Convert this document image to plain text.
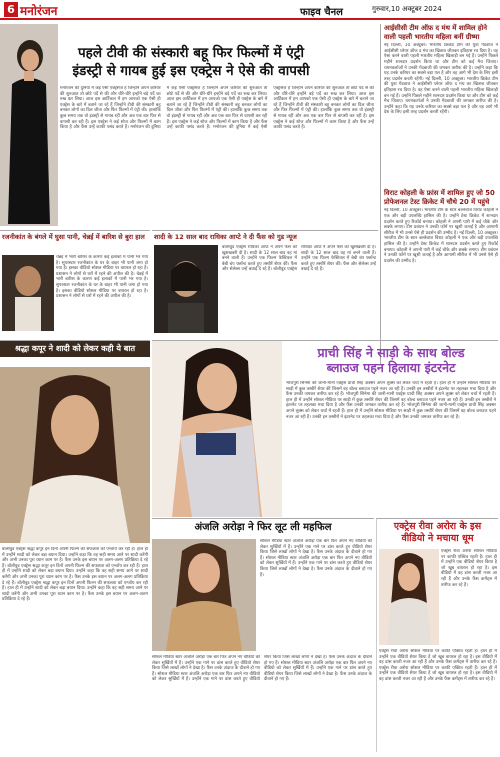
6 मनोरंजन	फाइव चैनल	गुरुवार,10 अक्टूबर 2024
पहले टीवी की संस्कारी बहू फिर फिल्मों में एंट्री
इंडस्ट्री से गायब हुई इस एक्ट्रेस ने ऐसे की वापसी
मनोरंजन की दुनिया में कई ऐसी एक्ट्रेसेज हैं जिन्होंने अपने करियर की शुरुआत तो छोटे पर्दे से की और धीरे-धीरे इन्होंने बड़े पर्दे का रुख कर लिया। आज इस आर्टिकल में हम आपको एक ऐसी ही एक्ट्रेस के बारे में बताने जा रहे हैं जिन्होंने टीवी की संस्कारी बहू बनकर लोगों का दिल जीता और फिर फिल्मों में एंट्री की। हालांकि कुछ समय तक वो इंडस्ट्री से गायब रहीं और अब एक बार फिर से वापसी कर रही हैं। इस एक्ट्रेस ने कई शोज और फिल्मों में काम किया है और फैंस उन्हें काफी पसंद करते हैं। मनोरंजन की दुनिया में कई ऐसी एक्ट्रेसेज हैं जिन्होंने अपने करियर की शुरुआत तो छोटे पर्दे से की और धीरे-धीरे इन्होंने बड़े पर्दे का रुख कर लिया। आज इस आर्टिकल में हम आपको एक ऐसी ही एक्ट्रेस के बारे में बताने जा रहे हैं जिन्होंने टीवी की संस्कारी बहू बनकर लोगों का दिल जीता और फिर फिल्मों में एंट्री की। हालांकि कुछ समय तक वो इंडस्ट्री से गायब रहीं और अब एक बार फिर से वापसी कर रही हैं। इस एक्ट्रेस ने कई शोज और फिल्मों में काम किया है और फैंस उन्हें काफी पसंद करते हैं। मनोरंजन की दुनिया में कई ऐसी एक्ट्रेसेज हैं जिन्होंने अपने करियर की शुरुआत तो छोटे पर्दे से की और धीरे-धीरे इन्होंने बड़े पर्दे का रुख कर लिया। आज इस आर्टिकल में हम आपको एक ऐसी ही एक्ट्रेस के बारे में बताने जा रहे हैं जिन्होंने टीवी की संस्कारी बहू बनकर लोगों का दिल जीता और फिर फिल्मों में एंट्री की। हालांकि कुछ समय तक वो इंडस्ट्री से गायब रहीं और अब एक बार फिर से वापसी कर रही हैं। इस एक्ट्रेस ने कई शोज और फिल्मों में काम किया है और फैंस उन्हें काफी पसंद करते हैं।
आईसीसी टीम ऑफ़ द मंथ में शामिल होने वाली पहली भारतीय महिला बनीं ग्रीष्मा
नई दिल्ली, 10 अक्टूबर। भारतीय क्रिकेट टीम की युवा गेंदबाज ने आईसीसी प्लेयर ऑफ द मंथ का खिताब जीतकर इतिहास रच दिया है। वह ऐसा करने वाली पहली भारतीय महिला खिलाड़ी बन गई हैं। उन्होंने पिछले महीने शानदार प्रदर्शन किया था और टीम को कई मैच जिताए। चयनकर्ताओं ने उनकी गेंदबाजी की जमकर तारीफ की है। उन्होंने कहा कि यह उनके करियर का सबसे बड़ा पल है और वह आगे भी देश के लिए इसी तरह प्रदर्शन करती रहेंगी। नई दिल्ली, 10 अक्टूबर। भारतीय क्रिकेट टीम की युवा गेंदबाज ने आईसीसी प्लेयर ऑफ द मंथ का खिताब जीतकर इतिहास रच दिया है। वह ऐसा करने वाली पहली भारतीय महिला खिलाड़ी बन गई हैं। उन्होंने पिछले महीने शानदार प्रदर्शन किया था और टीम को कई मैच जिताए। चयनकर्ताओं ने उनकी गेंदबाजी की जमकर तारीफ की है। उन्होंने कहा कि यह उनके करियर का सबसे बड़ा पल है और वह आगे भी देश के लिए इसी तरह प्रदर्शन करती रहेंगी।
विराट कोहली के फ्रांस में शामिल हुए जो 50 प्रोफेशनल टेस्ट क्रिकेट में चौथे 20 में पहुंचे
नई दिल्ली, 10 अक्टूबर। भारतीय टीम के स्टार बल्लेबाज विराट कोहली ने एक और बड़ी उपलब्धि हासिल की है। उन्होंने टेस्ट क्रिकेट में शानदार प्रदर्शन करते हुए रिकॉर्ड बनाया। कोहली ने अपनी पारी में कई चौके और छक्के लगाए। टीम प्रबंधन ने उनकी फॉर्म पर खुशी जताई है और आगामी सीरीज में भी उनसे ऐसे ही प्रदर्शन की उम्मीद है। नई दिल्ली, 10 अक्टूबर। भारतीय टीम के स्टार बल्लेबाज विराट कोहली ने एक और बड़ी उपलब्धि हासिल की है। उन्होंने टेस्ट क्रिकेट में शानदार प्रदर्शन करते हुए रिकॉर्ड बनाया। कोहली ने अपनी पारी में कई चौके और छक्के लगाए। टीम प्रबंधन ने उनकी फॉर्म पर खुशी जताई है और आगामी सीरीज में भी उनसे ऐसे ही प्रदर्शन की उम्मीद है।
रजनीकांत के बंगले में घुसा पानी, चेन्नई में बारिश से बुरा हाल
चेन्नई में भारी बारिश के कारण कई इलाकों में पानी भर गया है। सुपरस्टार रजनीकांत के घर के बाहर भी पानी जमा हो गया है। इसका वीडियो सोशल मीडिया पर वायरल हो रहा है। प्रशासन ने लोगों से घरों में रहने की अपील की है। चेन्नई में भारी बारिश के कारण कई इलाकों में पानी भर गया है। सुपरस्टार रजनीकांत के घर के बाहर भी पानी जमा हो गया है। इसका वीडियो सोशल मीडिया पर वायरल हो रहा है। प्रशासन ने लोगों से घरों में रहने की अपील की है।
शादी के 12 साल बाद राधिका आप्टे ने दी फैंस को गुड न्यूज
बॉलीवुड एक्ट्रेस राधिका आप्टे ने अपने फैंस को खुशखबरी दी है। शादी के 12 साल बाद वह मां बनने वाली हैं। उन्होंने एक फिल्म फेस्टिवल में बेबी बंप फ्लॉन्ट करते हुए तस्वीरें शेयर कीं। फैंस और सेलेब्स उन्हें बधाई दे रहे हैं। बॉलीवुड एक्ट्रेस राधिका आप्टे ने अपने फैंस को खुशखबरी दी है। शादी के 12 साल बाद वह मां बनने वाली हैं। उन्होंने एक फिल्म फेस्टिवल में बेबी बंप फ्लॉन्ट करते हुए तस्वीरें शेयर कीं। फैंस और सेलेब्स उन्हें बधाई दे रहे हैं।
श्रद्धा कपूर ने शादी को लेकर कही ये बात
बॉलीवुड एक्ट्रेस श्रद्धा कपूर इन दिनों अपनी फिल्म की सफलता को एन्जॉय कर रही हैं। हाल ही में उन्होंने शादी को लेकर बड़ा बयान दिया। उन्होंने कहा कि वह सही समय आने पर शादी करेंगी और अभी उनका पूरा ध्यान काम पर है। फैंस उनके इस बयान पर अलग-अलग प्रतिक्रिया दे रहे हैं। बॉलीवुड एक्ट्रेस श्रद्धा कपूर इन दिनों अपनी फिल्म की सफलता को एन्जॉय कर रही हैं। हाल ही में उन्होंने शादी को लेकर बड़ा बयान दिया। उन्होंने कहा कि वह सही समय आने पर शादी करेंगी और अभी उनका पूरा ध्यान काम पर है। फैंस उनके इस बयान पर अलग-अलग प्रतिक्रिया दे रहे हैं। बॉलीवुड एक्ट्रेस श्रद्धा कपूर इन दिनों अपनी फिल्म की सफलता को एन्जॉय कर रही हैं। हाल ही में उन्होंने शादी को लेकर बड़ा बयान दिया। उन्होंने कहा कि वह सही समय आने पर शादी करेंगी और अभी उनका पूरा ध्यान काम पर है। फैंस उनके इस बयान पर अलग-अलग प्रतिक्रिया दे रहे हैं।
प्राची सिंह ने साड़ी के साथ बोल्ड
ब्लाउज पहन हिलाया इंटरनेट
भोजपुरी सिनेमा की जानी-मानी एक्ट्रेस प्राची सिंह अक्सर अपने लुक्स को लेकर चर्चा में रहती हैं। हाल ही में उन्होंने सोशल मीडिया पर साड़ी में कुछ तस्वीरें शेयर कीं जिसमें वह बोल्ड ब्लाउज पहने नजर आ रही हैं। उनकी इन तस्वीरों ने इंटरनेट पर तहलका मचा दिया है और फैंस उनकी जमकर तारीफ कर रहे हैं। भोजपुरी सिनेमा की जानी-मानी एक्ट्रेस प्राची सिंह अक्सर अपने लुक्स को लेकर चर्चा में रहती हैं। हाल ही में उन्होंने सोशल मीडिया पर साड़ी में कुछ तस्वीरें शेयर कीं जिसमें वह बोल्ड ब्लाउज पहने नजर आ रही हैं। उनकी इन तस्वीरों ने इंटरनेट पर तहलका मचा दिया है और फैंस उनकी जमकर तारीफ कर रहे हैं। भोजपुरी सिनेमा की जानी-मानी एक्ट्रेस प्राची सिंह अक्सर अपने लुक्स को लेकर चर्चा में रहती हैं। हाल ही में उन्होंने सोशल मीडिया पर साड़ी में कुछ तस्वीरें शेयर कीं जिसमें वह बोल्ड ब्लाउज पहने नजर आ रही हैं। उनकी इन तस्वीरों ने इंटरनेट पर तहलका मचा दिया है और फैंस उनकी जमकर तारीफ कर रहे हैं।
अंजलि अरोड़ा ने फिर लूट ली महफिल
सोशल मीडिया स्टार अंजलि अरोड़ा एक बार फिर अपने नए वीडियो को लेकर सुर्खियों में हैं। उन्होंने एक गाने पर डांस करते हुए वीडियो शेयर किया जिसे लाखों लोगों ने देखा है। फैंस उनके अंदाज के दीवाने हो गए हैं। सोशल मीडिया स्टार अंजलि अरोड़ा एक बार फिर अपने नए वीडियो को लेकर सुर्खियों में हैं। उन्होंने एक गाने पर डांस करते हुए वीडियो शेयर किया जिसे लाखों लोगों ने देखा है। फैंस उनके अंदाज के दीवाने हो गए हैं।
सोशल मीडिया स्टार अंजलि अरोड़ा एक बार फिर अपने नए वीडियो को लेकर सुर्खियों में हैं। उन्होंने एक गाने पर डांस करते हुए वीडियो शेयर किया जिसे लाखों लोगों ने देखा है। फैंस उनके अंदाज के दीवाने हो गए हैं। सोशल मीडिया स्टार अंजलि अरोड़ा एक बार फिर अपने नए वीडियो को लेकर सुर्खियों में हैं। उन्होंने एक गाने पर डांस करते हुए वीडियो शेयर किया जिसे लाखों लोगों ने देखा है। फैंस उनके अंदाज के दीवाने हो गए हैं। सोशल मीडिया स्टार अंजलि अरोड़ा एक बार फिर अपने नए वीडियो को लेकर सुर्खियों में हैं। उन्होंने एक गाने पर डांस करते हुए वीडियो शेयर किया जिसे लाखों लोगों ने देखा है। फैंस उनके अंदाज के दीवाने हो गए हैं।
एक्ट्रेस रीवा अरोरा के इस
वीडियो ने मचाया धूम
एक्ट्रेस रीवा अरोरा सोशल मीडिया पर काफी एक्टिव रहती हैं। हाल ही में उन्होंने एक वीडियो शेयर किया है जो खूब वायरल हो रहा है। इस वीडियो में वह डांस करती नजर आ रही हैं और उनके फैंस कमेंट्स में तारीफ कर रहे हैं।
एक्ट्रेस रीवा अरोरा सोशल मीडिया पर काफी एक्टिव रहती हैं। हाल ही में उन्होंने एक वीडियो शेयर किया है जो खूब वायरल हो रहा है। इस वीडियो में वह डांस करती नजर आ रही हैं और उनके फैंस कमेंट्स में तारीफ कर रहे हैं। एक्ट्रेस रीवा अरोरा सोशल मीडिया पर काफी एक्टिव रहती हैं। हाल ही में उन्होंने एक वीडियो शेयर किया है जो खूब वायरल हो रहा है। इस वीडियो में वह डांस करती नजर आ रही हैं और उनके फैंस कमेंट्स में तारीफ कर रहे हैं।
